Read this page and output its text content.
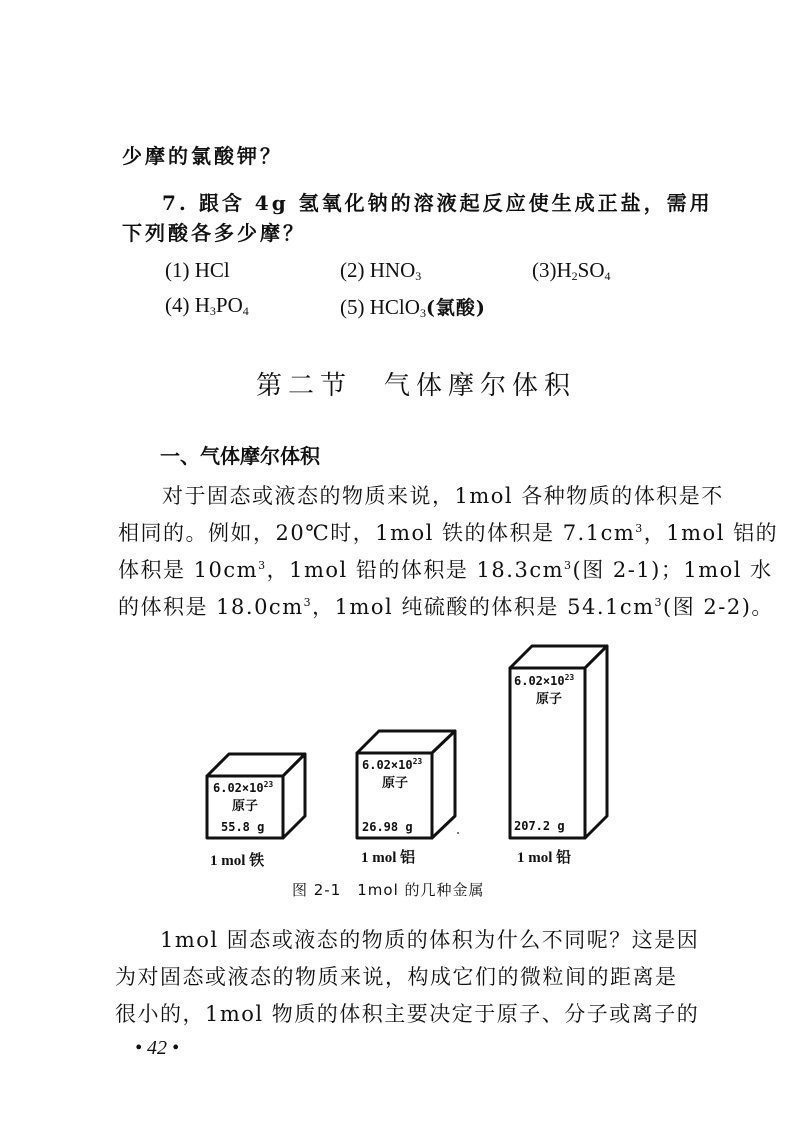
少摩的氯酸钾？
7. 跟含 4g 氢氧化钠的溶液起反应使生成正盐，需用
下列酸各多少摩？
(1) HCl	(2) $HNO_3$	$(3)H_2SO_4$
(4) $H_3PO_4$	(5) HClO$_3$(氯酸)
第二节　气体摩尔体积
一、气体摩尔体积
对于固态或液态的物质来说，1mol 各种物质的体积是不
相同的。例如，20℃时，1mol 铁的体积是 $7.1cm^3$，1mol 铝的
体积是 $10cm^3$，1mol 铅的体积是 $18.3cm^3$(图 2-1)；1mol 水
的体积是 $18.0cm^3$，1mol 纯硫酸的体积是 $54.1cm^3$(图 2-2)。
$6.02\times 10^{23}$
原子
55.8 g
$6.02\times 10^{23}$
原子
26.98 g
$6.02\times 10^{23}$
原子
207.2 g
1 mol 铁	1 mol 铝	1 mol 铅
图 2-1　1mol 的几种金属
1mol 固态或液态的物质的体积为什么不同呢？这是因
为对固态或液态的物质来说，构成它们的微粒间的距离是
很小的，1mol 物质的体积主要决定于原子、分子或离子的
• 42 •
